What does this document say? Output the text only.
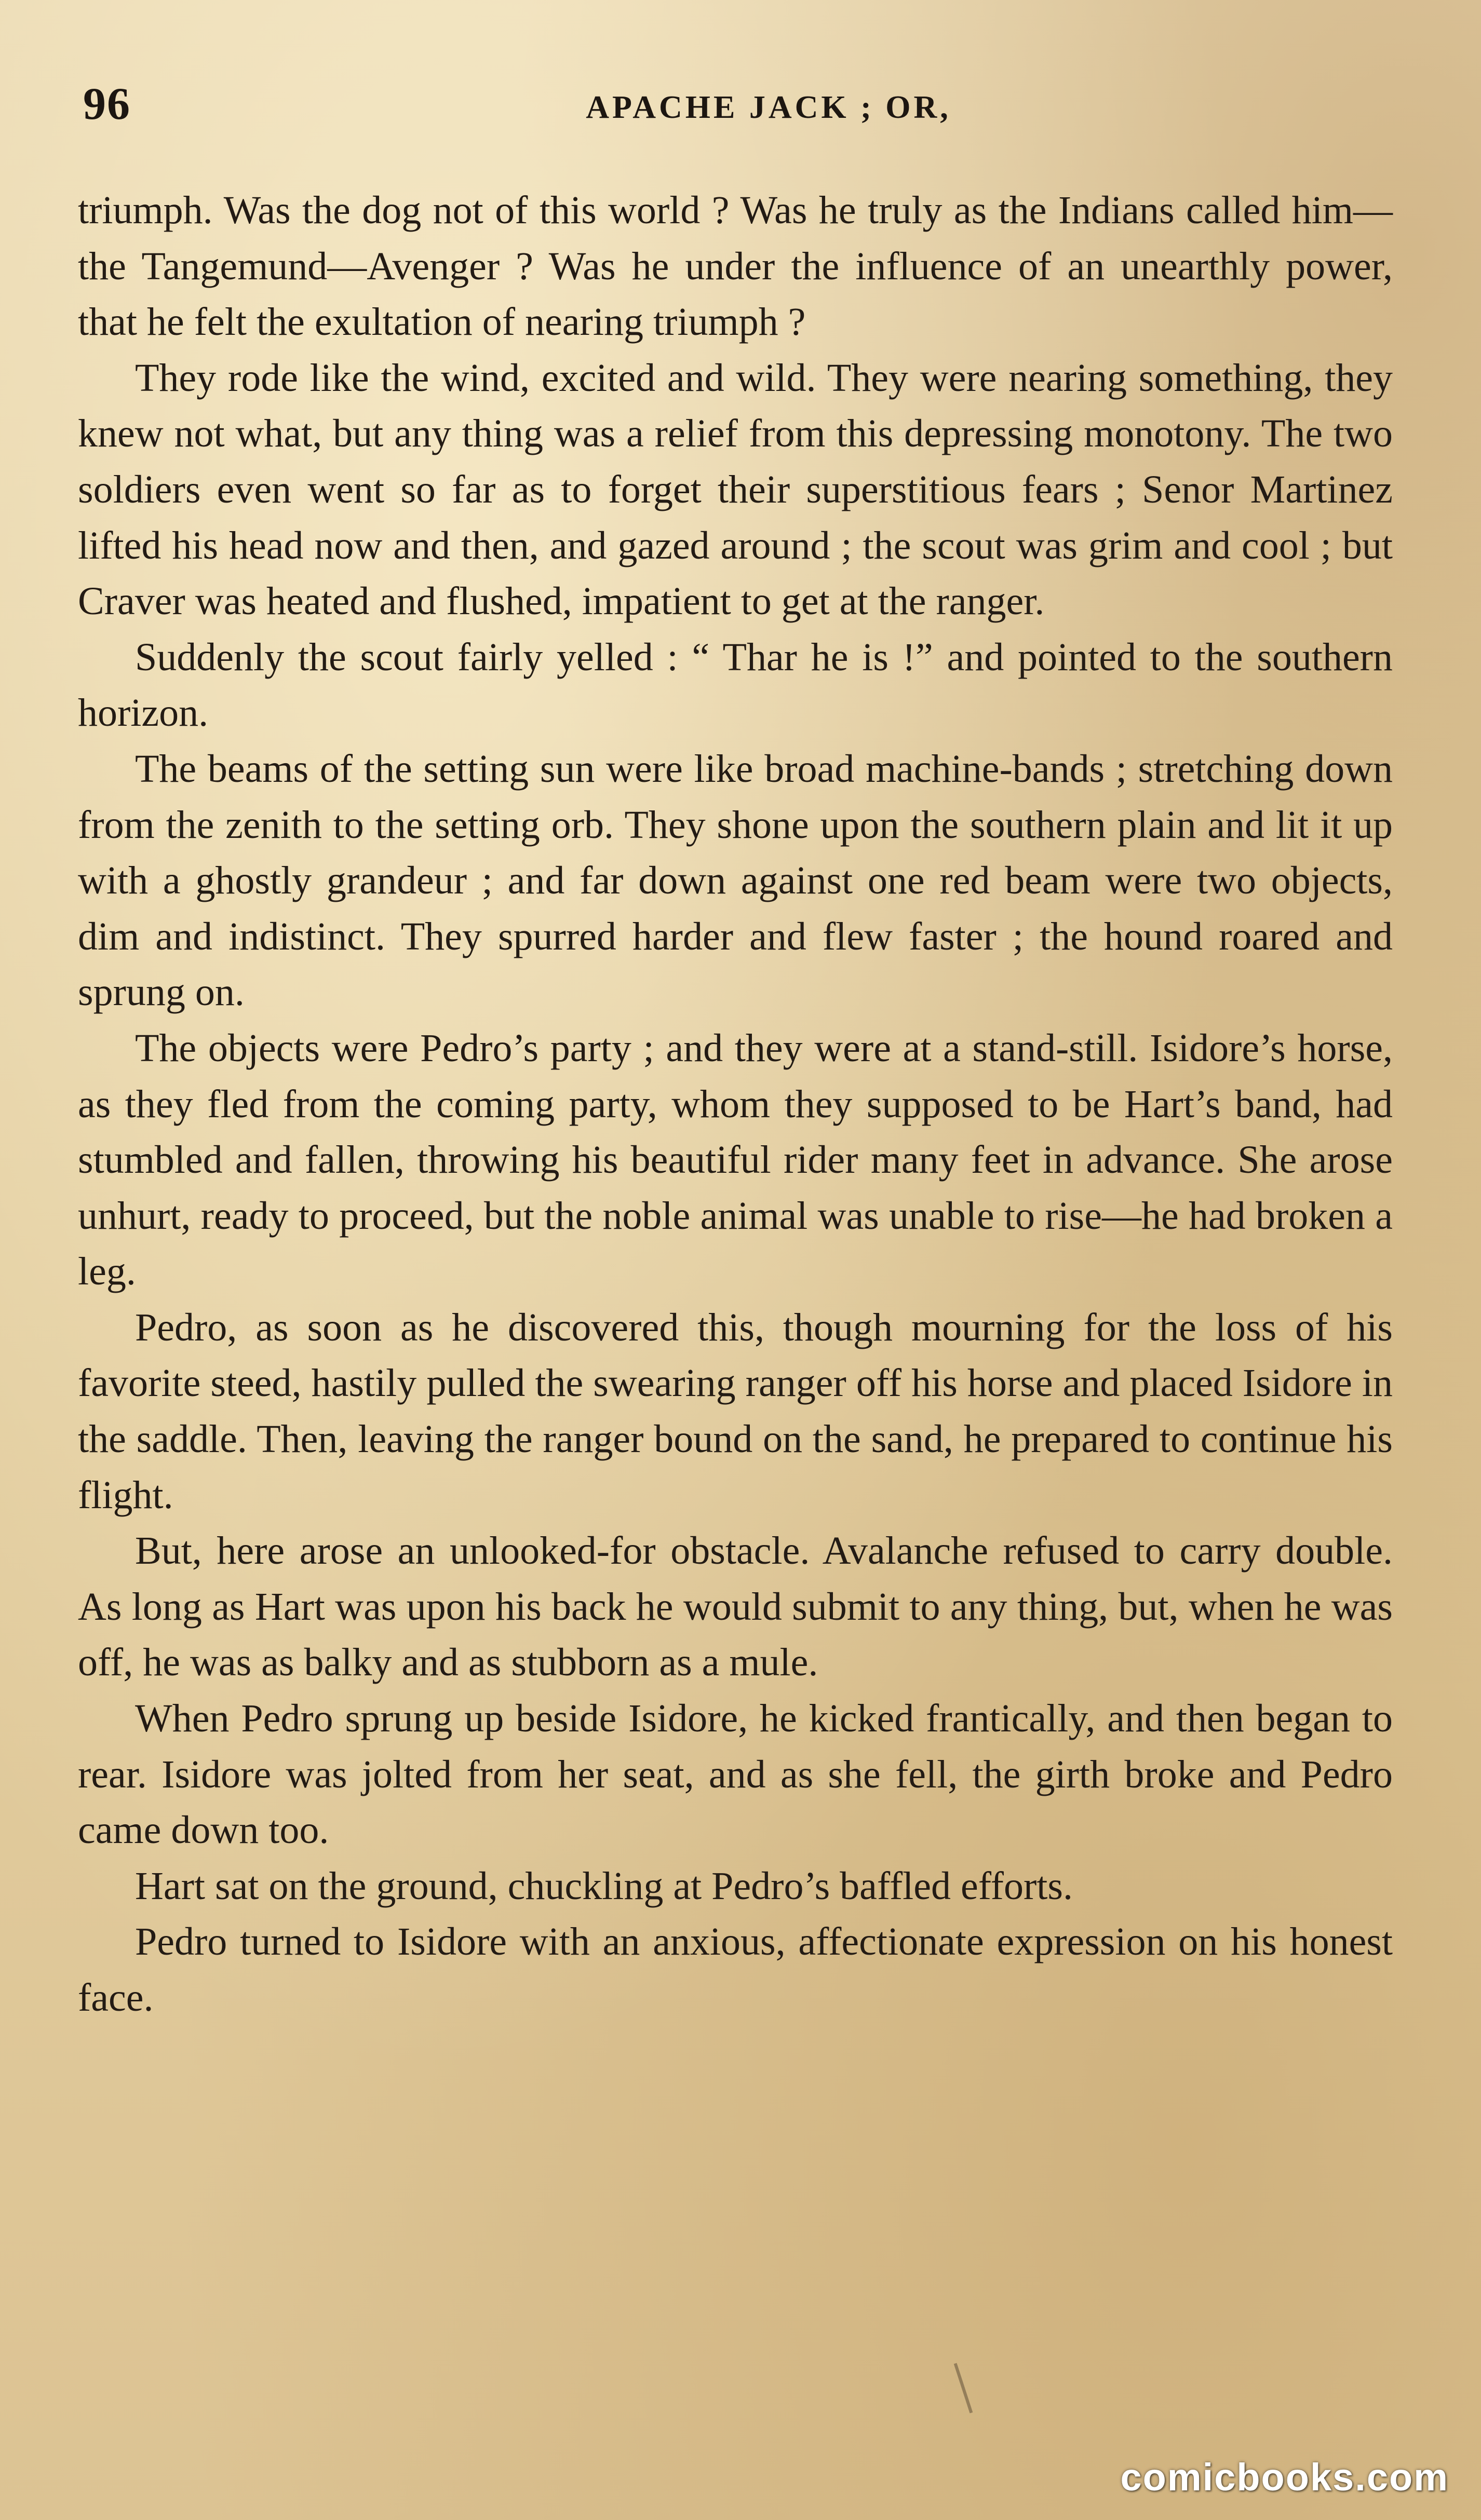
96	APACHE JACK ; OR,

triumph. Was the dog not of this world ? Was he truly as the Indians called him—the Tangemund—Avenger ? Was he under the influence of an unearthly power, that he felt the exultation of nearing triumph ?

They rode like the wind, excited and wild. They were nearing something, they knew not what, but any thing was a relief from this depressing monotony. The two soldiers even went so far as to forget their superstitious fears ; Senor Martinez lifted his head now and then, and gazed around ; the scout was grim and cool ; but Craver was heated and flushed, impatient to get at the ranger.

Suddenly the scout fairly yelled : “ Thar he is !” and pointed to the southern horizon.

The beams of the setting sun were like broad machine-bands ; stretching down from the zenith to the setting orb. They shone upon the southern plain and lit it up with a ghostly grandeur ; and far down against one red beam were two objects, dim and indistinct. They spurred harder and flew faster ; the hound roared and sprung on.

The objects were Pedro’s party ; and they were at a stand-still. Isidore’s horse, as they fled from the coming party, whom they supposed to be Hart’s band, had stumbled and fallen, throwing his beautiful rider many feet in advance. She arose unhurt, ready to proceed, but the noble animal was unable to rise—he had broken a leg.

Pedro, as soon as he discovered this, though mourning for the loss of his favorite steed, hastily pulled the swearing ranger off his horse and placed Isidore in the saddle. Then, leaving the ranger bound on the sand, he prepared to continue his flight.

But, here arose an unlooked-for obstacle. Avalanche refused to carry double. As long as Hart was upon his back he would submit to any thing, but, when he was off, he was as balky and as stubborn as a mule.

When Pedro sprung up beside Isidore, he kicked frantically, and then began to rear. Isidore was jolted from her seat, and as she fell, the girth broke and Pedro came down too.

Hart sat on the ground, chuckling at Pedro’s baffled efforts.

Pedro turned to Isidore with an anxious, affectionate expression on his honest face.

comicbooks.com
